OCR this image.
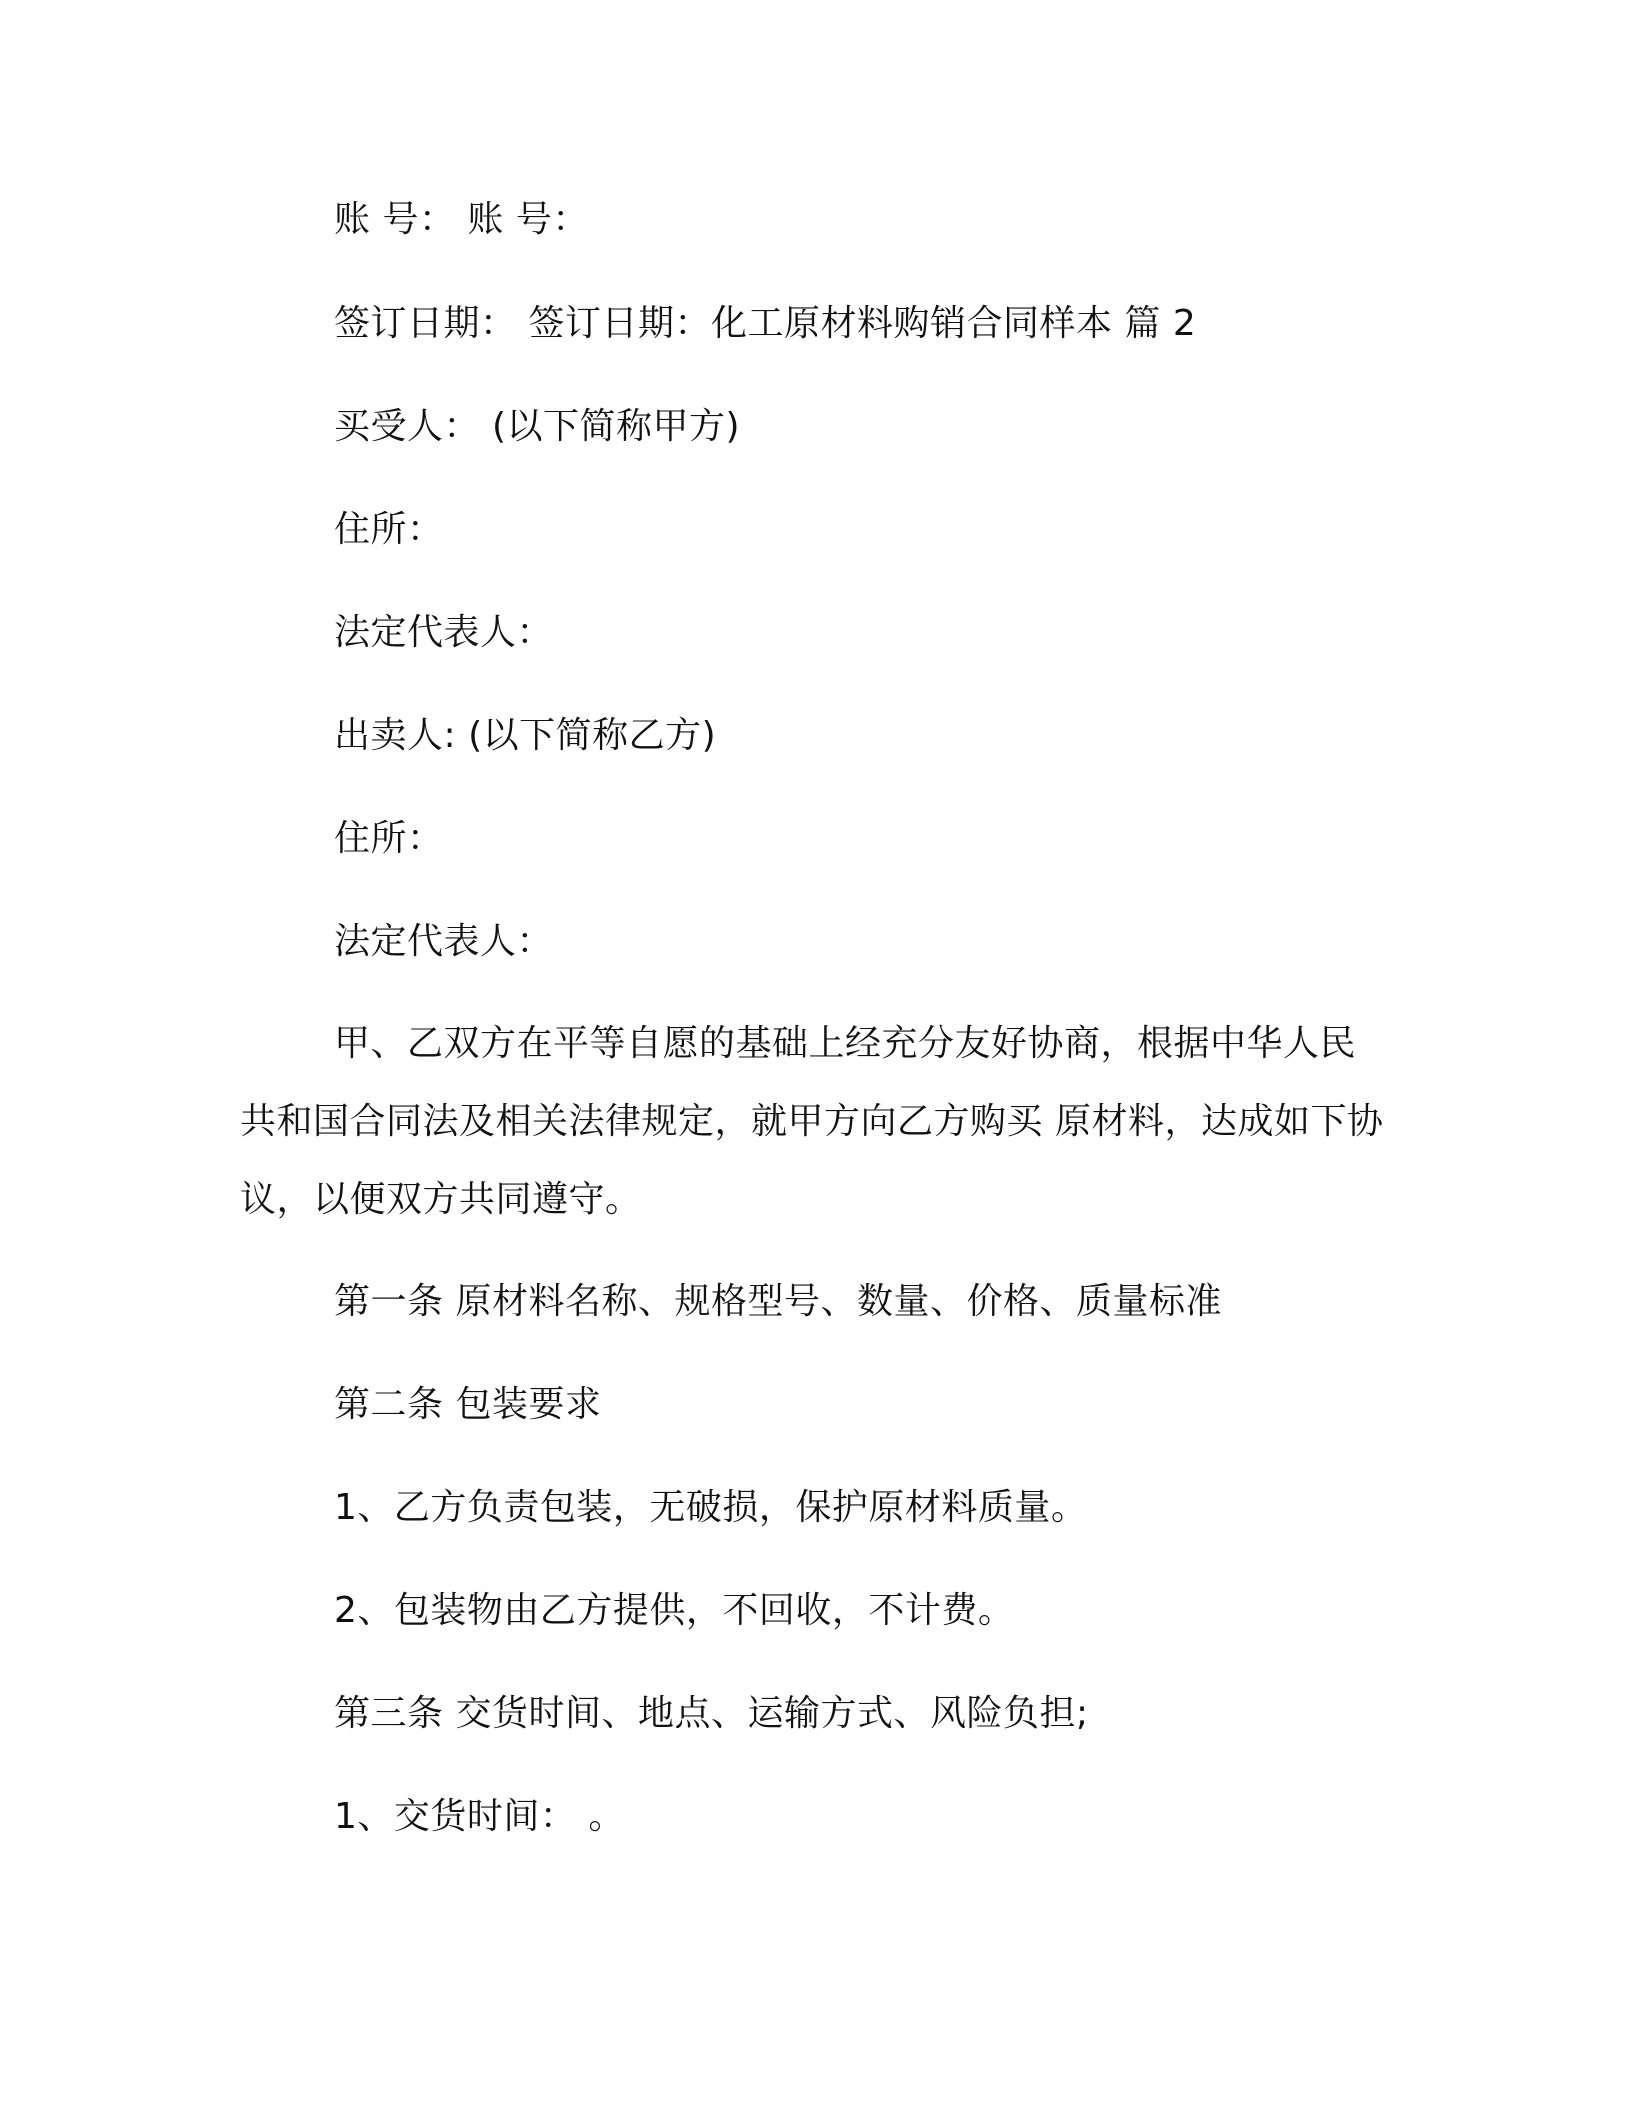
账 号： 账 号：
签订日期： 签订日期：化工原材料购销合同样本 篇 2
买受人： (以下简称甲方)
住所：
法定代表人：
出卖人: (以下简称乙方)
住所：
法定代表人：
甲、乙双方在平等自愿的基础上经充分友好协商，根据中华人民共和国合同法及相关法律规定，就甲方向乙方购买 原材料，达成如下协议，以便双方共同遵守。
第一条 原材料名称、规格型号、数量、价格、质量标准
第二条 包装要求
1、乙方负责包装，无破损，保护原材料质量。
2、包装物由乙方提供，不回收，不计费。
第三条 交货时间、地点、运输方式、风险负担;
1、交货时间： 。
